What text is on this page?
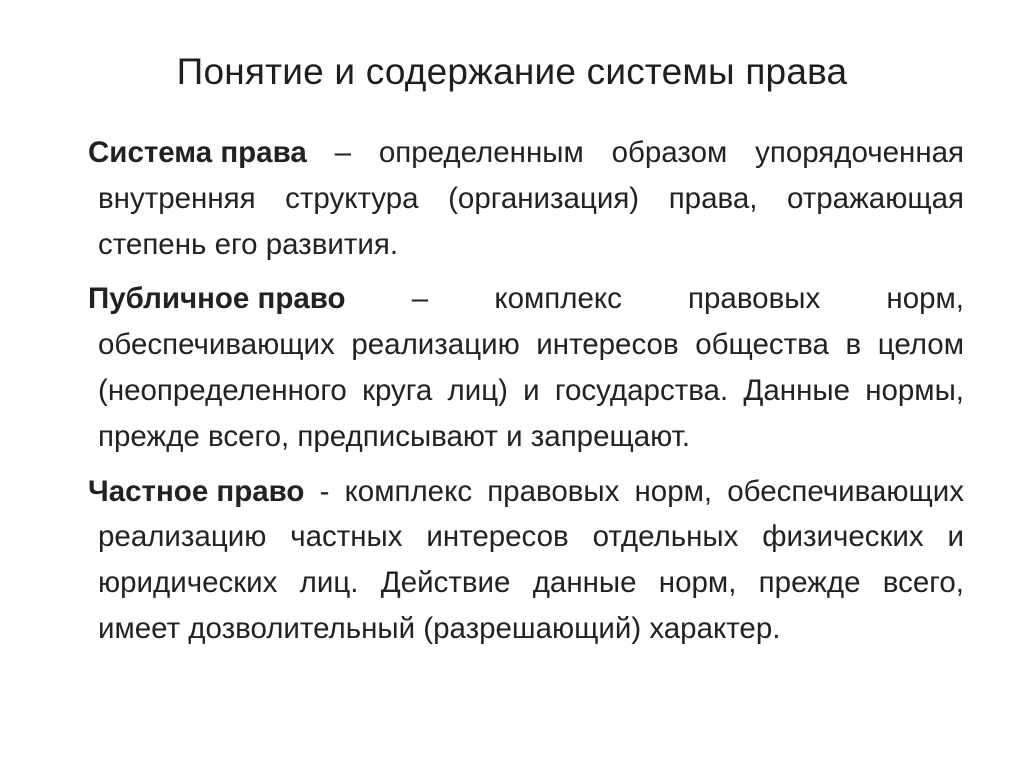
Понятие и содержание системы права

Система права – определенным образом упорядоченная внутренняя структура (организация) права, отражающая степень его развития.

Публичное право – комплекс правовых норм, обеспечивающих реализацию интересов общества в целом (неопределенного круга лиц) и государства. Данные нормы, прежде всего, предписывают и запрещают.

Частное право - комплекс правовых норм, обеспечивающих реализацию частных интересов отдельных физических и юридических лиц. Действие данные норм, прежде всего, имеет дозволительный (разрешающий) характер.
